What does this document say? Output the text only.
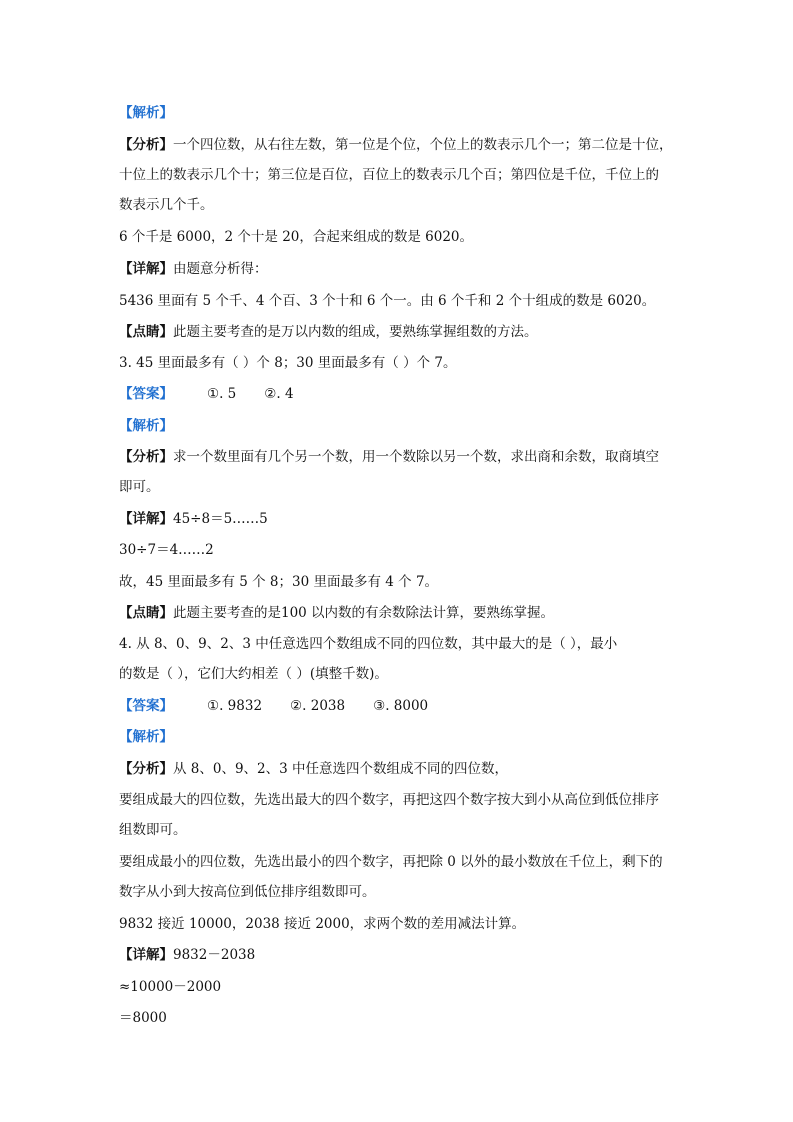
【解析】
【分析】一个四位数，从右往左数，第一位是个位，个位上的数表示几个一；第二位是十位，
十位上的数表示几个十；第三位是百位，百位上的数表示几个百；第四位是千位，千位上的
数表示几个千。
6 个千是 6000，2 个十是 20，合起来组成的数是 6020。
【详解】由题意分析得：
5436 里面有 5 个千、4 个百、3 个十和 6 个一。由 6 个千和 2 个十组成的数是 6020。
【点睛】此题主要考查的是万以内数的组成，要熟练掌握组数的方法。
3. 45 里面最多有（ ）个 8；30 里面最多有（ ）个 7。
【答案】	①. 5 ②. 4
【解析】
【分析】求一个数里面有几个另一个数，用一个数除以另一个数，求出商和余数，取商填空
即可。
【详解】45÷8＝5……5
30÷7＝4……2
故，45 里面最多有 5 个 8；30 里面最多有 4 个 7。
【点睛】此题主要考查的是100 以内数的有余数除法计算，要熟练掌握。
4. 从 8、0、9、2、3 中任意选四个数组成不同的四位数，其中最大的是（ ），最小
的数是（ ），它们大约相差（ ）(填整千数)。
【答案】	①. 9832 ②. 2038 ③. 8000
【解析】
【分析】从 8、0、9、2、3 中任意选四个数组成不同的四位数，
要组成最大的四位数，先选出最大的四个数字，再把这四个数字按大到小从高位到低位排序
组数即可。
要组成最小的四位数，先选出最小的四个数字，再把除 0 以外的最小数放在千位上，剩下的
数字从小到大按高位到低位排序组数即可。
9832 接近 10000，2038 接近 2000，求两个数的差用减法计算。
【详解】9832－2038
≈10000－2000
＝8000
